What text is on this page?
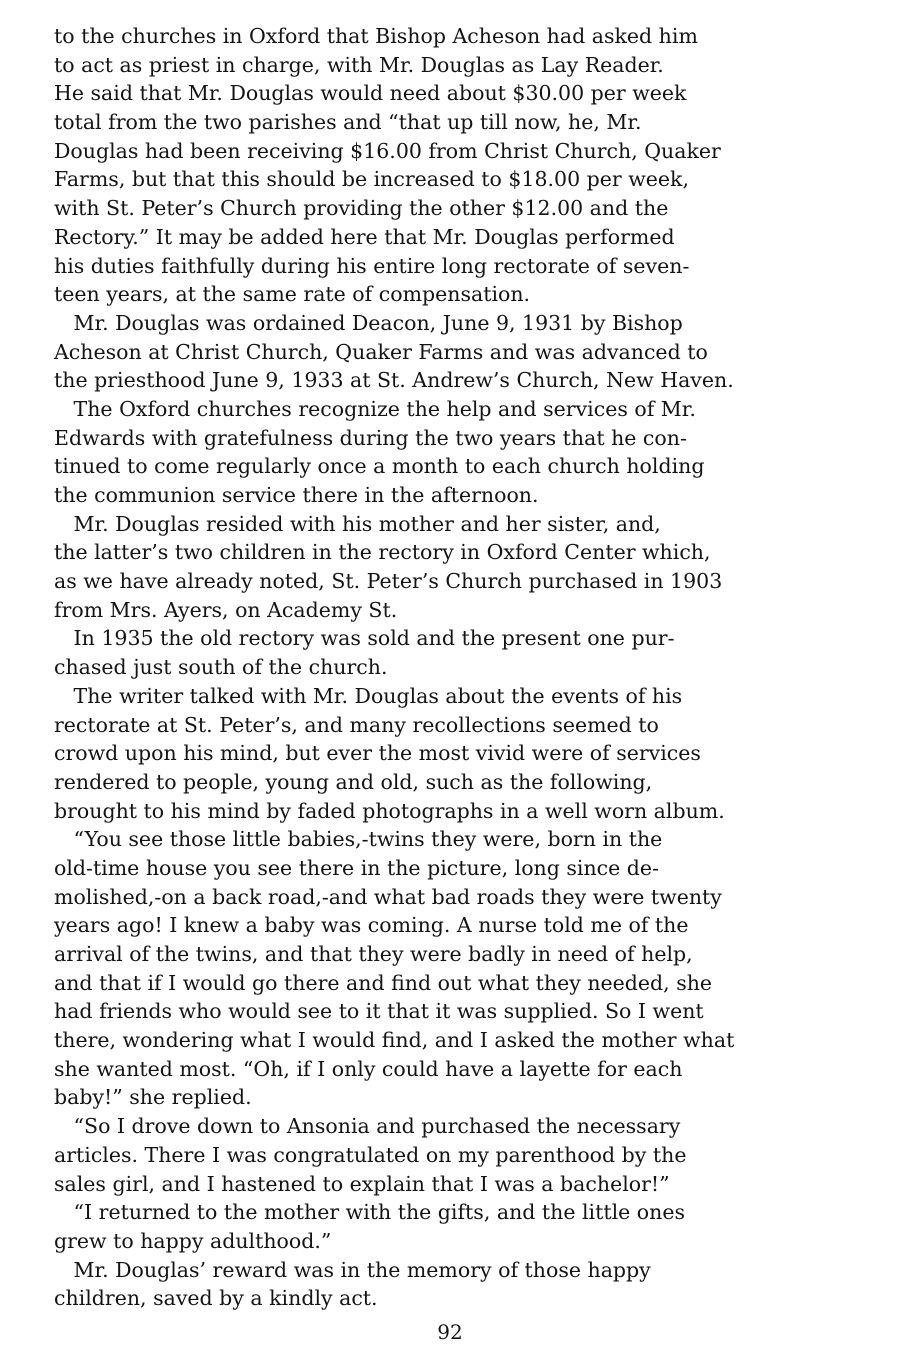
to the churches in Oxford that Bishop Acheson had asked him
to act as priest in charge, with Mr. Douglas as Lay Reader.
He said that Mr. Douglas would need about $30.00 per week
total from the two parishes and “that up till now, he, Mr.
Douglas had been receiving $16.00 from Christ Church, Quaker
Farms, but that this should be increased to $18.00 per week,
with St. Peter’s Church providing the other $12.00 and the
Rectory.” It may be added here that Mr. Douglas performed
his duties faithfully during his entire long rectorate of seven-
teen years, at the same rate of compensation.
Mr. Douglas was ordained Deacon, June 9, 1931 by Bishop
Acheson at Christ Church, Quaker Farms and was advanced to
the priesthood June 9, 1933 at St. Andrew’s Church, New Haven.
The Oxford churches recognize the help and services of Mr.
Edwards with gratefulness during the two years that he con-
tinued to come regularly once a month to each church holding
the communion service there in the afternoon.
Mr. Douglas resided with his mother and her sister, and,
the latter’s two children in the rectory in Oxford Center which,
as we have already noted, St. Peter’s Church purchased in 1903
from Mrs. Ayers, on Academy St.
In 1935 the old rectory was sold and the present one pur-
chased just south of the church.
The writer talked with Mr. Douglas about the events of his
rectorate at St. Peter’s, and many recollections seemed to
crowd upon his mind, but ever the most vivid were of services
rendered to people, young and old, such as the following,
brought to his mind by faded photographs in a well worn album.
“You see those little babies,-twins they were, born in the
old-time house you see there in the picture, long since de-
molished,-on a back road,-and what bad roads they were twenty
years ago! I knew a baby was coming. A nurse told me of the
arrival of the twins, and that they were badly in need of help,
and that if I would go there and find out what they needed, she
had friends who would see to it that it was supplied. So I went
there, wondering what I would find, and I asked the mother what
she wanted most. “Oh, if I only could have a layette for each
baby!” she replied.
“So I drove down to Ansonia and purchased the necessary
articles. There I was congratulated on my parenthood by the
sales girl, and I hastened to explain that I was a bachelor!”
“I returned to the mother with the gifts, and the little ones
grew to happy adulthood.”
Mr. Douglas’ reward was in the memory of those happy
children, saved by a kindly act.
92
